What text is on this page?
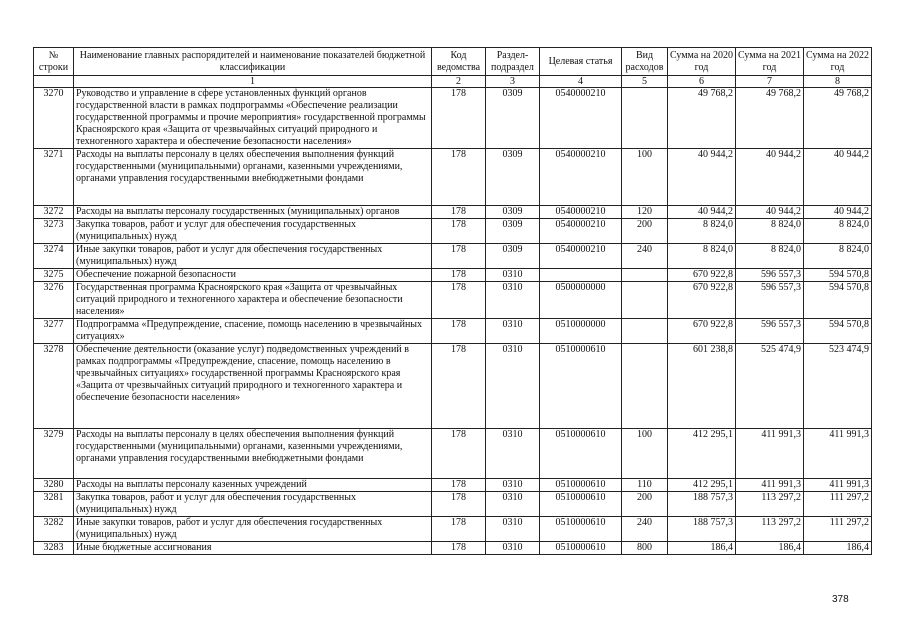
№ строки	Наименование главных распорядителей и наименование показателей бюджетной классификации	Код ведомства	Раздел-подраздел	Целевая статья	Вид расходов	Сумма на 2020 год	Сумма на 2021 год	Сумма на 2022 год
	1	2	3	4	5	6	7	8
3270	Руководство и управление в сфере установленных функций органов государственной власти в рамках подпрограммы «Обеспечение реализации государственной программы и прочие мероприятия» государственной программы Красноярского края «Защита от чрезвычайных ситуаций природного и техногенного характера и обеспечение безопасности населения»	178	0309	0540000210		49 768,2	49 768,2	49 768,2
3271	Расходы на выплаты персоналу в целях обеспечения выполнения функций государственными (муниципальными) органами, казенными учреждениями, органами управления государственными внебюджетными фондами	178	0309	0540000210	100	40 944,2	40 944,2	40 944,2
3272	Расходы на выплаты персоналу государственных (муниципальных) органов	178	0309	0540000210	120	40 944,2	40 944,2	40 944,2
3273	Закупка товаров, работ и услуг для обеспечения государственных (муниципальных) нужд	178	0309	0540000210	200	8 824,0	8 824,0	8 824,0
3274	Иные закупки товаров, работ и услуг для обеспечения государственных (муниципальных) нужд	178	0309	0540000210	240	8 824,0	8 824,0	8 824,0
3275	Обеспечение пожарной безопасности	178	0310			670 922,8	596 557,3	594 570,8
3276	Государственная программа Красноярского края «Защита от чрезвычайных ситуаций природного и техногенного характера и обеспечение безопасности населения»	178	0310	0500000000		670 922,8	596 557,3	594 570,8
3277	Подпрограмма «Предупреждение, спасение, помощь населению в чрезвычайных ситуациях»	178	0310	0510000000		670 922,8	596 557,3	594 570,8
3278	Обеспечение деятельности (оказание услуг) подведомственных учреждений в рамках подпрограммы «Предупреждение, спасение, помощь населению в чрезвычайных ситуациях» государственной программы Красноярского края «Защита от чрезвычайных ситуаций природного и техногенного характера и обеспечение безопасности населения»	178	0310	0510000610		601 238,8	525 474,9	523 474,9
3279	Расходы на выплаты персоналу в целях обеспечения выполнения функций государственными (муниципальными) органами, казенными учреждениями, органами управления государственными внебюджетными фондами	178	0310	0510000610	100	412 295,1	411 991,3	411 991,3
3280	Расходы на выплаты персоналу казенных учреждений	178	0310	0510000610	110	412 295,1	411 991,3	411 991,3
3281	Закупка товаров, работ и услуг для обеспечения государственных (муниципальных) нужд	178	0310	0510000610	200	188 757,3	113 297,2	111 297,2
3282	Иные закупки товаров, работ и услуг для обеспечения государственных (муниципальных) нужд	178	0310	0510000610	240	188 757,3	113 297,2	111 297,2
3283	Иные бюджетные ассигнования	178	0310	0510000610	800	186,4	186,4	186,4
378
